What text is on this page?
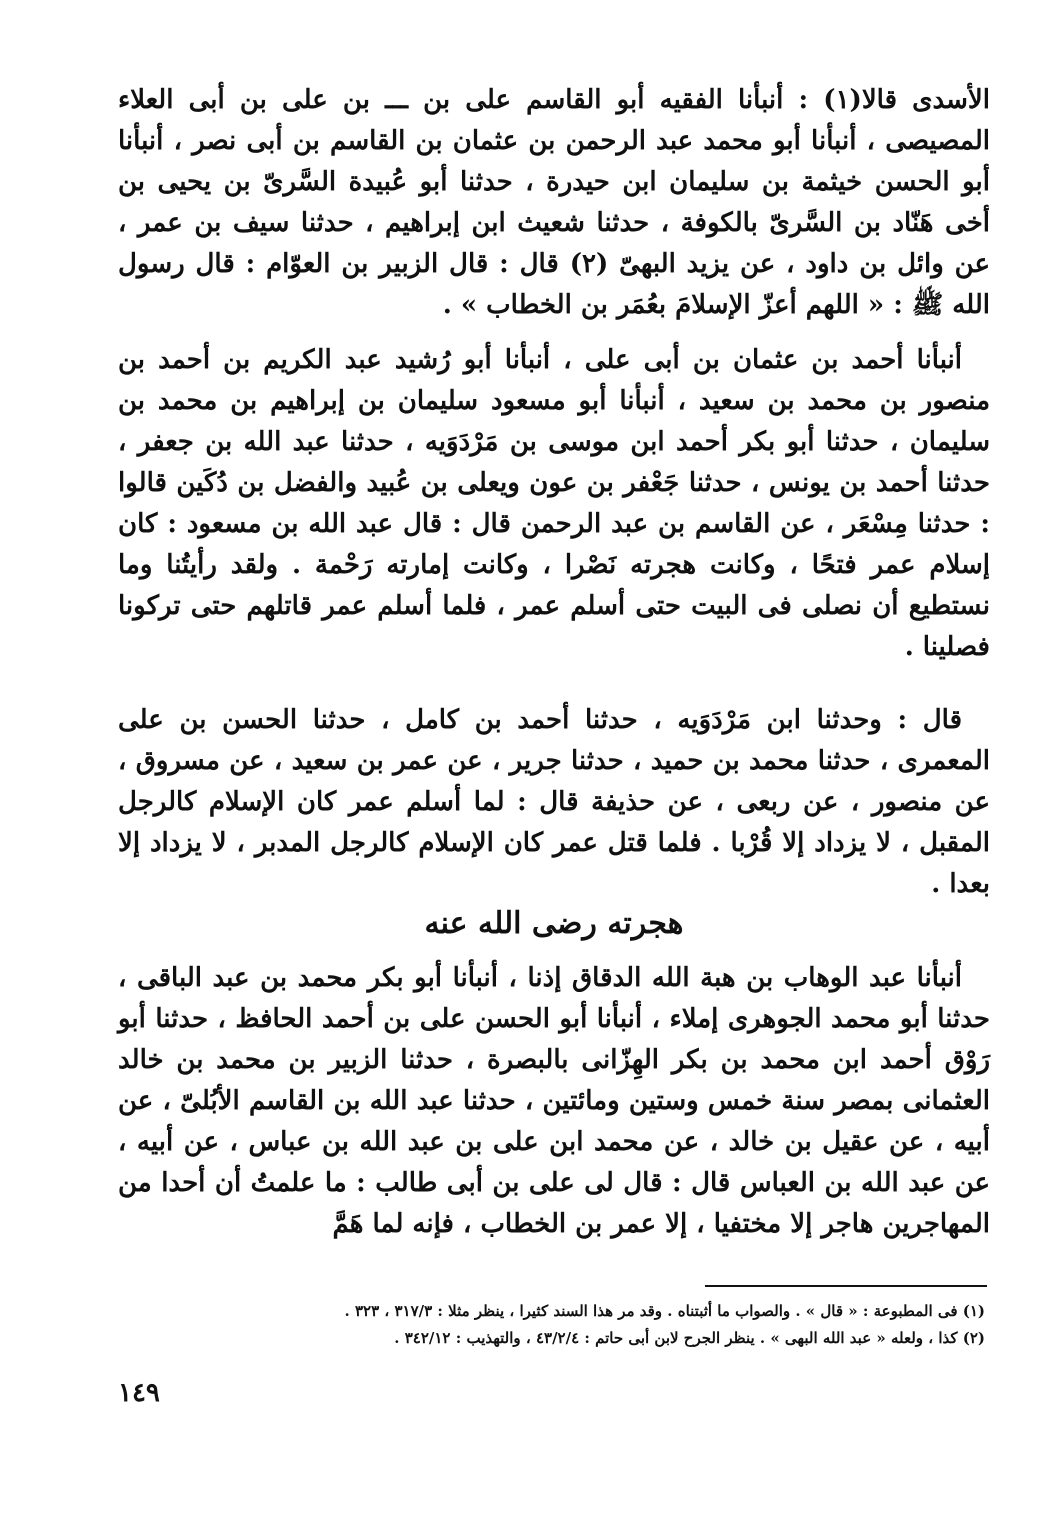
الأسدى قالا(١) : أنبأنا الفقيه أبو القاسم على بن ـــ بن على بن أبى العلاء المصيصى ، أنبأنا أبو محمد عبد الرحمن بن عثمان بن القاسم بن أبى نصر ، أنبأنا أبو الحسن خيثمة بن سليمان ابن حيدرة ، حدثنا أبو عُبيدة السَّرىّ بن يحيى بن أخى هَنّاد بن السَّرىّ بالكوفة ، حدثنا شعيث ابن إبراهيم ، حدثنا سيف بن عمر ، عن وائل بن داود ، عن يزيد البهىّ (٢) قال : قال الزبير بن العوّام : قال رسول الله ﷺ : « اللهم أعزّ الإسلامَ بعُمَر بن الخطاب » .

أنبأنا أحمد بن عثمان بن أبى على ، أنبأنا أبو رُشيد عبد الكريم بن أحمد بن منصور بن محمد بن سعيد ، أنبأنا أبو مسعود سليمان بن إبراهيم بن محمد بن سليمان ، حدثنا أبو بكر أحمد ابن موسى بن مَرْدَوَيه ، حدثنا عبد الله بن جعفر ، حدثنا أحمد بن يونس ، حدثنا جَعْفر بن عون ويعلى بن عُبيد والفضل بن دُكَين قالوا : حدثنا مِسْعَر ، عن القاسم بن عبد الرحمن قال : قال عبد الله بن مسعود : كان إسلام عمر فتحًا ، وكانت هجرته نَصْرا ، وكانت إمارته رَحْمة . ولقد رأيتُنا وما نستطيع أن نصلى فى البيت حتى أسلم عمر ، فلما أسلم عمر قاتلهم حتى تركونا فصلينا .

قال : وحدثنا ابن مَرْدَوَيه ، حدثنا أحمد بن كامل ، حدثنا الحسن بن على المعمرى ، حدثنا محمد بن حميد ، حدثنا جرير ، عن عمر بن سعيد ، عن مسروق ، عن منصور ، عن ربعى ، عن حذيفة قال : لما أسلم عمر كان الإسلام كالرجل المقبل ، لا يزداد إلا قُرْبا . فلما قتل عمر كان الإسلام كالرجل المدبر ، لا يزداد إلا بعدا .

هجرته رضى الله عنه

أنبأنا عبد الوهاب بن هبة الله الدقاق إذنا ، أنبأنا أبو بكر محمد بن عبد الباقى ، حدثنا أبو محمد الجوهرى إملاء ، أنبأنا أبو الحسن على بن أحمد الحافظ ، حدثنا أبو رَوْق أحمد ابن محمد بن بكر الهِزّانى بالبصرة ، حدثنا الزبير بن محمد بن خالد العثمانى بمصر سنة خمس وستين ومائتين ، حدثنا عبد الله بن القاسم الأبُلىّ ، عن أبيه ، عن عقيل بن خالد ، عن محمد ابن على بن عبد الله بن عباس ، عن أبيه ، عن عبد الله بن العباس قال : قال لى على بن أبى طالب : ما علمتُ أن أحدا من المهاجرين هاجر إلا مختفيا ، إلا عمر بن الخطاب ، فإنه لما هَمَّ

(١) فى المطبوعة : « قال » . والصواب ما أثبتناه . وقد مر هذا السند كثيرا ، ينظر مثلا : ٣١٧/٣ ، ٣٢٣ .
(٢) كذا ، ولعله « عبد الله البهى » . ينظر الجرح لابن أبى حاتم : ٤٣/٢/٤ ، والتهذيب : ٣٤٢/١٢ .
١٤٩
